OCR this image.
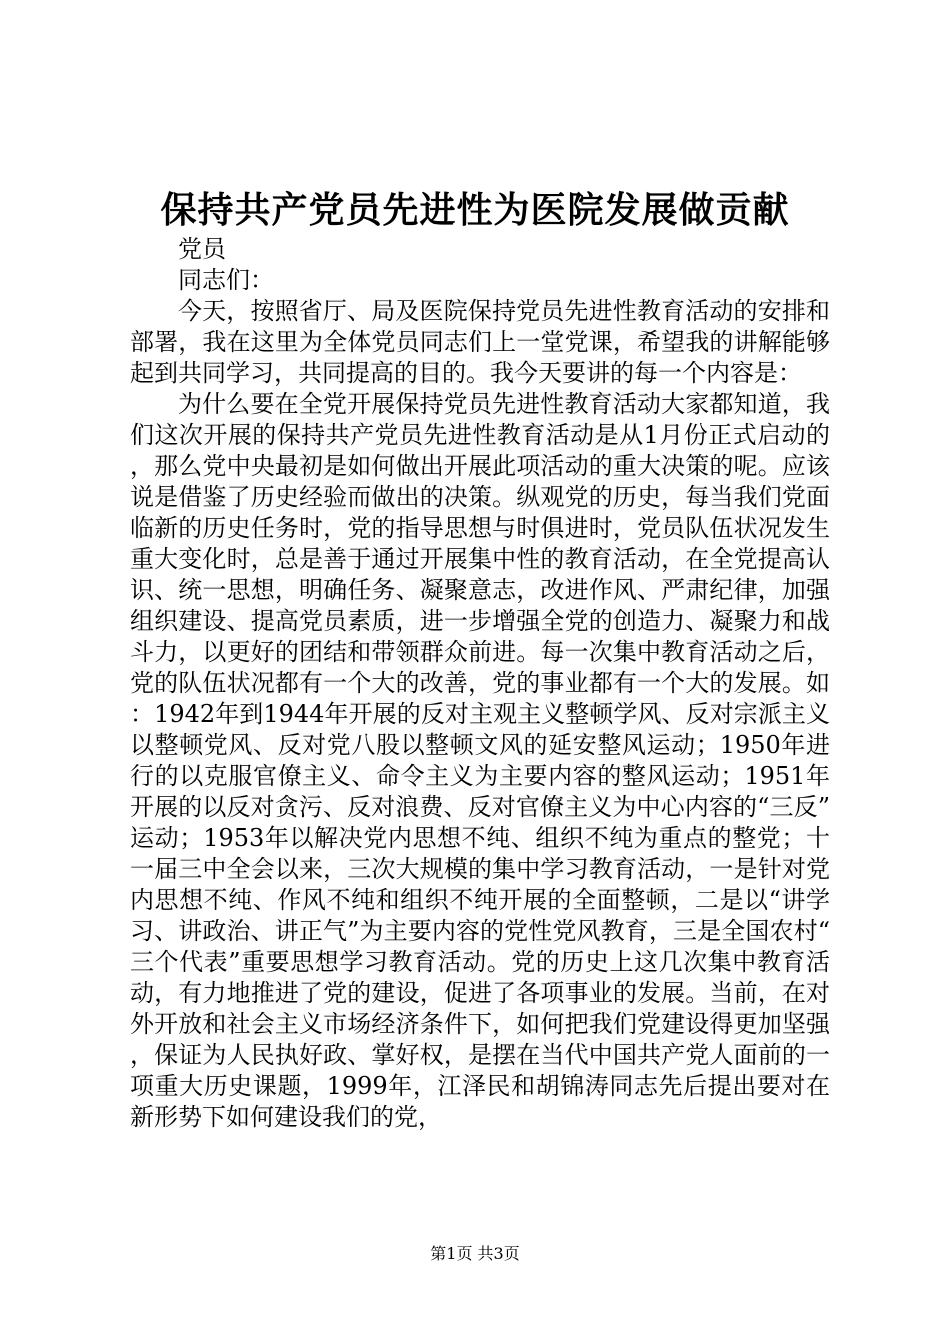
保持共产党员先进性为医院发展做贡献

党员

同志们：

今天，按照省厅、局及医院保持党员先进性教育活动的安排和部署，我在这里为全体党员同志们上一堂党课，希望我的讲解能够起到共同学习，共同提高的目的。我今天要讲的每一个内容是：

为什么要在全党开展保持党员先进性教育活动大家都知道，我们这次开展的保持共产党员先进性教育活动是从1月份正式启动的，那么党中央最初是如何做出开展此项活动的重大决策的呢。应该说是借鉴了历史经验而做出的决策。纵观党的历史，每当我们党面临新的历史任务时，党的指导思想与时俱进时，党员队伍状况发生重大变化时，总是善于通过开展集中性的教育活动，在全党提高认识、统一思想，明确任务、凝聚意志，改进作风、严肃纪律，加强组织建设、提高党员素质，进一步增强全党的创造力、凝聚力和战斗力，以更好的团结和带领群众前进。每一次集中教育活动之后，党的队伍状况都有一个大的改善，党的事业都有一个大的发展。如：1942年到1944年开展的反对主观主义整顿学风、反对宗派主义以整顿党风、反对党八股以整顿文风的延安整风运动；1950年进行的以克服官僚主义、命令主义为主要内容的整风运动；1951年开展的以反对贪污、反对浪费、反对官僚主义为中心内容的“三反”运动；1953年以解决党内思想不纯、组织不纯为重点的整党；十一届三中全会以来，三次大规模的集中学习教育活动，一是针对党内思想不纯、作风不纯和组织不纯开展的全面整顿，二是以“讲学习、讲政治、讲正气”为主要内容的党性党风教育，三是全国农村“三个代表”重要思想学习教育活动。党的历史上这几次集中教育活动，有力地推进了党的建设，促进了各项事业的发展。当前，在对外开放和社会主义市场经济条件下，如何把我们党建设得更加坚强，保证为人民执好政、掌好权，是摆在当代中国共产党人面前的一项重大历史课题，1999年，江泽民和胡锦涛同志先后提出要对在新形势下如何建设我们的党，

第1页 共3页
